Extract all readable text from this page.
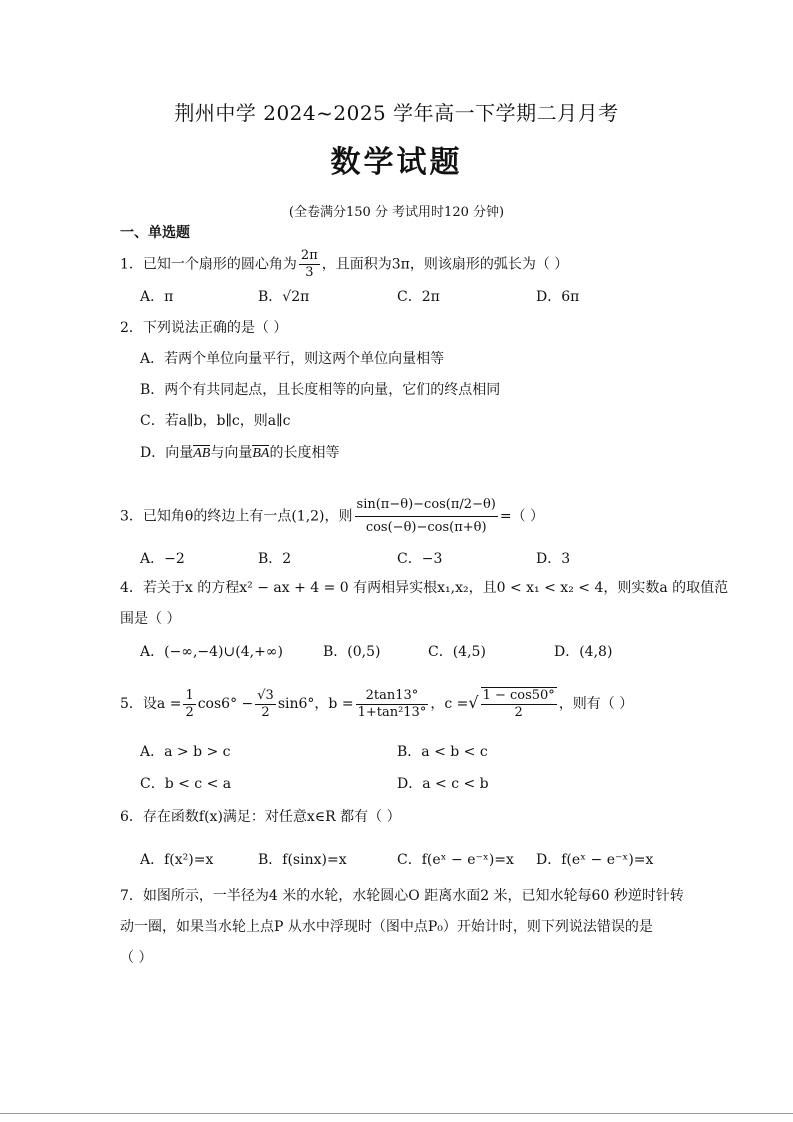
荆州中学 2024~2025 学年高一下学期二月月考
数学试题
(全卷满分150 分 考试用时120 分钟)
一、单选题
1．已知一个扇形的圆心角为 $\frac{2\pi}{3}$ ，且面积为3π，则该扇形的弧长为（ ）
A．π	B．√2π	C．2π	D．6π
2．下列说法正确的是（ ）
A．若两个单位向量平行，则这两个单位向量相等
B．两个有共同起点，且长度相等的向量，它们的终点相同
C．若a∥b，b∥c，则a∥c
D．向量AB与向量BA的长度相等
3．已知角θ的终边上有一点(1,2)，则 $\frac{\sin(\pi-\theta)-\cos(\pi/2-\theta)}{\cos(-\theta)-\cos(\pi+\theta)}$ =（ ）
A．−2	B．2	C．−3	D．3
4．若关于x 的方程x² − ax + 4 = 0 有两相异实根x₁,x₂，且0 < x₁ < x₂ < 4，则实数a 的取值范
围是（ ）
A．(−∞,−4)∪(4,+∞)	B．(0,5)	C．(4,5)	D．(4,8)
5．设$a = \frac{1}{2} \cos 6^\circ - \frac{√3}{2} \sin 6^\circ$，$b = \frac{2\tan 13^\circ}{\text{1+tan²13°}}$ ，c =√ $\frac{1 - \cos 50^\circ}{2}$ ，则有（ ）
A．a > b > c	B．a < b < c
C．b < c < a	D．a < c < b
6．存在函数f(x)满足：对任意x∈R 都有（ ）
A．f(x²)=x	B．f(sinx)=x	C．f(eˣ − e⁻ˣ)=x D．f(eˣ − e⁻ˣ)=x
7．如图所示，一半径为4 米的水轮，水轮圆心O 距离水面2 米，已知水轮每60 秒逆时针转
动一圈，如果当水轮上点P 从水中浮现时（图中点P₀）开始计时，则下列说法错误的是
（ ）
